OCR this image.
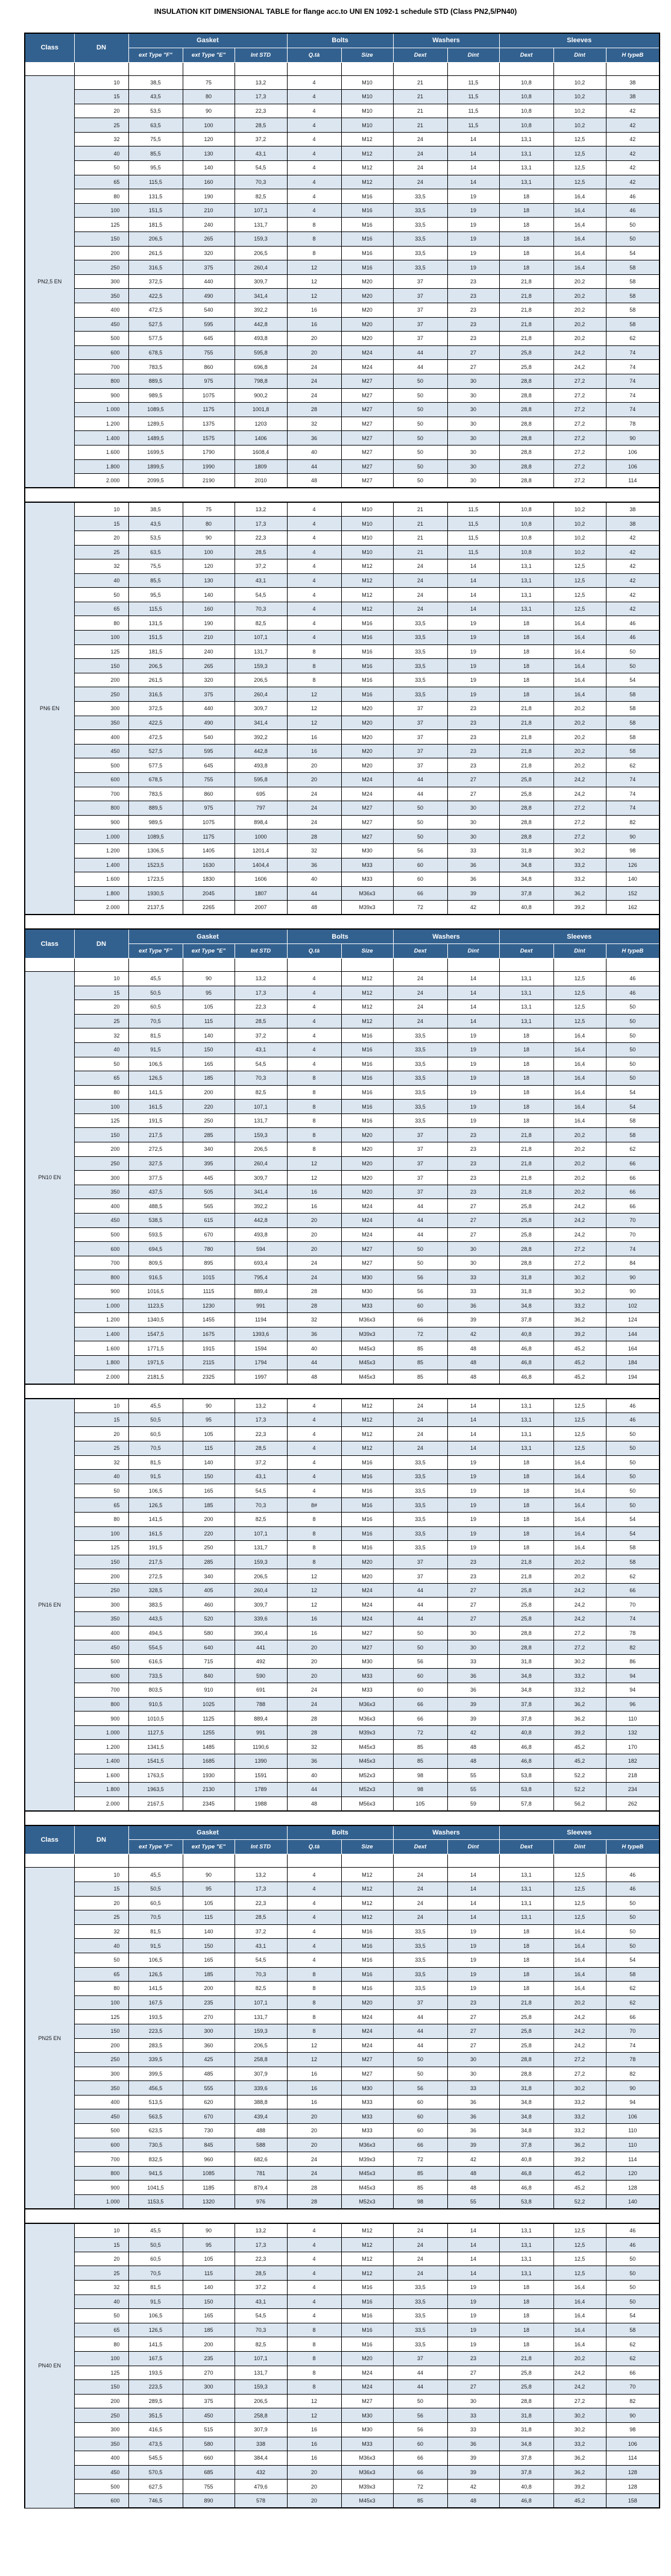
INSULATION KIT DIMENSIONAL TABLE for flange acc.to UNI EN 1092-1 schedule STD (Class PN2,5/PN40)
Class	DN	Gasket			Bolts		Washers		Sleeves		
		ext Type "F"	ext Type "E"	Int STD	Q.tà	Size	Dext	Dint	Dext	Dint	H typeB

PN2,5 EN	10	38,5	75	13,2	4	M10	21	11,5	10,8	10,2	38
	15	43,5	80	17,3	4	M10	21	11,5	10,8	10,2	38
	20	53,5	90	22,3	4	M10	21	11,5	10,8	10,2	42
	25	63,5	100	28,5	4	M10	21	11,5	10,8	10,2	42
	32	75,5	120	37,2	4	M12	24	14	13,1	12,5	42
	40	85,5	130	43,1	4	M12	24	14	13,1	12,5	42
	50	95,5	140	54,5	4	M12	24	14	13,1	12,5	42
	65	115,5	160	70,3	4	M12	24	14	13,1	12,5	42
	80	131,5	190	82,5	4	M16	33,5	19	18	16,4	46
	100	151,5	210	107,1	4	M16	33,5	19	18	16,4	46
	125	181,5	240	131,7	8	M16	33,5	19	18	16,4	50
	150	206,5	265	159,3	8	M16	33,5	19	18	16,4	50
	200	261,5	320	206,5	8	M16	33,5	19	18	16,4	54
	250	316,5	375	260,4	12	M16	33,5	19	18	16,4	58
	300	372,5	440	309,7	12	M20	37	23	21,8	20,2	58
	350	422,5	490	341,4	12	M20	37	23	21,8	20,2	58
	400	472,5	540	392,2	16	M20	37	23	21,8	20,2	58
	450	527,5	595	442,8	16	M20	37	23	21,8	20,2	58
	500	577,5	645	493,8	20	M20	37	23	21,8	20,2	62
	600	678,5	755	595,8	20	M24	44	27	25,8	24,2	74
	700	783,5	860	696,8	24	M24	44	27	25,8	24,2	74
	800	889,5	975	798,8	24	M27	50	30	28,8	27,2	74
	900	989,5	1075	900,2	24	M27	50	30	28,8	27,2	74
	1.000	1089,5	1175	1001,8	28	M27	50	30	28,8	27,2	74
	1.200	1289,5	1375	1203	32	M27	50	30	28,8	27,2	78
	1.400	1489,5	1575	1406	36	M27	50	30	28,8	27,2	90
	1.600	1699,5	1790	1608,4	40	M27	50	30	28,8	27,2	106
	1.800	1899,5	1990	1809	44	M27	50	30	28,8	27,2	106
	2.000	2099,5	2190	2010	48	M27	50	30	28,8	27,2	114

PN6 EN	10	38,5	75	13,2	4	M10	21	11,5	10,8	10,2	38
	15	43,5	80	17,3	4	M10	21	11,5	10,8	10,2	38
	20	53,5	90	22,3	4	M10	21	11,5	10,8	10,2	42
	25	63,5	100	28,5	4	M10	21	11,5	10,8	10,2	42
	32	75,5	120	37,2	4	M12	24	14	13,1	12,5	42
	40	85,5	130	43,1	4	M12	24	14	13,1	12,5	42
	50	95,5	140	54,5	4	M12	24	14	13,1	12,5	42
	65	115,5	160	70,3	4	M12	24	14	13,1	12,5	42
	80	131,5	190	82,5	4	M16	33,5	19	18	16,4	46
	100	151,5	210	107,1	4	M16	33,5	19	18	16,4	46
	125	181,5	240	131,7	8	M16	33,5	19	18	16,4	50
	150	206,5	265	159,3	8	M16	33,5	19	18	16,4	50
	200	261,5	320	206,5	8	M16	33,5	19	18	16,4	54
	250	316,5	375	260,4	12	M16	33,5	19	18	16,4	58
	300	372,5	440	309,7	12	M20	37	23	21,8	20,2	58
	350	422,5	490	341,4	12	M20	37	23	21,8	20,2	58
	400	472,5	540	392,2	16	M20	37	23	21,8	20,2	58
	450	527,5	595	442,8	16	M20	37	23	21,8	20,2	58
	500	577,5	645	493,8	20	M20	37	23	21,8	20,2	62
	600	678,5	755	595,8	20	M24	44	27	25,8	24,2	74
	700	783,5	860	695	24	M24	44	27	25,8	24,2	74
	800	889,5	975	797	24	M27	50	30	28,8	27,2	74
	900	989,5	1075	898,4	24	M27	50	30	28,8	27,2	82
	1.000	1089,5	1175	1000	28	M27	50	30	28,8	27,2	90
	1.200	1306,5	1405	1201,4	32	M30	56	33	31,8	30,2	98
	1.400	1523,5	1630	1404,4	36	M33	60	36	34,8	33,2	126
	1.600	1723,5	1830	1606	40	M33	60	36	34,8	33,2	140
	1.800	1930,5	2045	1807	44	M36x3	66	39	37,8	36,2	152
	2.000	2137,5	2265	2007	48	M39x3	72	42	40,8	39,2	162

Class	DN	Gasket			Bolts		Washers		Sleeves		
		ext Type "F"	ext Type "E"	Int STD	Q.tà	Size	Dext	Dint	Dext	Dint	H typeB

PN10 EN	10	45,5	90	13,2	4	M12	24	14	13,1	12,5	46
	15	50,5	95	17,3	4	M12	24	14	13,1	12,5	46
	20	60,5	105	22,3	4	M12	24	14	13,1	12,5	50
	25	70,5	115	28,5	4	M12	24	14	13,1	12,5	50
	32	81,5	140	37,2	4	M16	33,5	19	18	16,4	50
	40	91,5	150	43,1	4	M16	33,5	19	18	16,4	50
	50	106,5	165	54,5	4	M16	33,5	19	18	16,4	50
	65	126,5	185	70,3	8	M16	33,5	19	18	16,4	50
	80	141,5	200	82,5	8	M16	33,5	19	18	16,4	54
	100	161,5	220	107,1	8	M16	33,5	19	18	16,4	54
	125	191,5	250	131,7	8	M16	33,5	19	18	16,4	58
	150	217,5	285	159,3	8	M20	37	23	21,8	20,2	58
	200	272,5	340	206,5	8	M20	37	23	21,8	20,2	62
	250	327,5	395	260,4	12	M20	37	23	21,8	20,2	66
	300	377,5	445	309,7	12	M20	37	23	21,8	20,2	66
	350	437,5	505	341,4	16	M20	37	23	21,8	20,2	66
	400	488,5	565	392,2	16	M24	44	27	25,8	24,2	66
	450	538,5	615	442,8	20	M24	44	27	25,8	24,2	70
	500	593,5	670	493,8	20	M24	44	27	25,8	24,2	70
	600	694,5	780	594	20	M27	50	30	28,8	27,2	74
	700	809,5	895	693,4	24	M27	50	30	28,8	27,2	84
	800	916,5	1015	795,4	24	M30	56	33	31,8	30,2	90
	900	1016,5	1115	889,4	28	M30	56	33	31,8	30,2	90
	1.000	1123,5	1230	991	28	M33	60	36	34,8	33,2	102
	1.200	1340,5	1455	1194	32	M36x3	66	39	37,8	36,2	124
	1.400	1547,5	1675	1393,6	36	M39x3	72	42	40,8	39,2	144
	1.600	1771,5	1915	1594	40	M45x3	85	48	46,8	45,2	164
	1.800	1971,5	2115	1794	44	M45x3	85	48	46,8	45,2	184
	2.000	2181,5	2325	1997	48	M45x3	85	48	46,8	45,2	194

PN16 EN	10	45,5	90	13,2	4	M12	24	14	13,1	12,5	46
	15	50,5	95	17,3	4	M12	24	14	13,1	12,5	46
	20	60,5	105	22,3	4	M12	24	14	13,1	12,5	50
	25	70,5	115	28,5	4	M12	24	14	13,1	12,5	50
	32	81,5	140	37,2	4	M16	33,5	19	18	16,4	50
	40	91,5	150	43,1	4	M16	33,5	19	18	16,4	50
	50	106,5	165	54,5	4	M16	33,5	19	18	16,4	50
	65	126,5	185	70,3	8#	M16	33,5	19	18	16,4	50
	80	141,5	200	82,5	8	M16	33,5	19	18	16,4	54
	100	161,5	220	107,1	8	M16	33,5	19	18	16,4	54
	125	191,5	250	131,7	8	M16	33,5	19	18	16,4	58
	150	217,5	285	159,3	8	M20	37	23	21,8	20,2	58
	200	272,5	340	206,5	12	M20	37	23	21,8	20,2	62
	250	328,5	405	260,4	12	M24	44	27	25,8	24,2	66
	300	383,5	460	309,7	12	M24	44	27	25,8	24,2	70
	350	443,5	520	339,6	16	M24	44	27	25,8	24,2	74
	400	494,5	580	390,4	16	M27	50	30	28,8	27,2	78
	450	554,5	640	441	20	M27	50	30	28,8	27,2	82
	500	616,5	715	492	20	M30	56	33	31,8	30,2	86
	600	733,5	840	590	20	M33	60	36	34,8	33,2	94
	700	803,5	910	691	24	M33	60	36	34,8	33,2	94
	800	910,5	1025	788	24	M36x3	66	39	37,8	36,2	96
	900	1010,5	1125	889,4	28	M36x3	66	39	37,8	36,2	110
	1.000	1127,5	1255	991	28	M39x3	72	42	40,8	39,2	132
	1.200	1341,5	1485	1190,6	32	M45x3	85	48	46,8	45,2	170
	1.400	1541,5	1685	1390	36	M45x3	85	48	46,8	45,2	182
	1.600	1763,5	1930	1591	40	M52x3	98	55	53,8	52,2	218
	1.800	1963,5	2130	1789	44	M52x3	98	55	53,8	52,2	234
	2.000	2167,5	2345	1988	48	M56x3	105	59	57,8	56,2	262

Class	DN	Gasket			Bolts		Washers		Sleeves		
		ext Type "F"	ext Type "E"	Int STD	Q.tà	Size	Dext	Dint	Dext	Dint	H typeB

PN25 EN	10	45,5	90	13,2	4	M12	24	14	13,1	12,5	46
	15	50,5	95	17,3	4	M12	24	14	13,1	12,5	46
	20	60,5	105	22,3	4	M12	24	14	13,1	12,5	50
	25	70,5	115	28,5	4	M12	24	14	13,1	12,5	50
	32	81,5	140	37,2	4	M16	33,5	19	18	16,4	50
	40	91,5	150	43,1	4	M16	33,5	19	18	16,4	50
	50	106,5	165	54,5	4	M16	33,5	19	18	16,4	54
	65	126,5	185	70,3	8	M16	33,5	19	18	16,4	58
	80	141,5	200	82,5	8	M16	33,5	19	18	16,4	62
	100	167,5	235	107,1	8	M20	37	23	21,8	20,2	62
	125	193,5	270	131,7	8	M24	44	27	25,8	24,2	66
	150	223,5	300	159,3	8	M24	44	27	25,8	24,2	70
	200	283,5	360	206,5	12	M24	44	27	25,8	24,2	74
	250	339,5	425	258,8	12	M27	50	30	28,8	27,2	78
	300	399,5	485	307,9	16	M27	50	30	28,8	27,2	82
	350	456,5	555	339,6	16	M30	56	33	31,8	30,2	90
	400	513,5	620	388,8	16	M33	60	36	34,8	33,2	94
	450	563,5	670	439,4	20	M33	60	36	34,8	33,2	106
	500	623,5	730	488	20	M33	60	36	34,8	33,2	110
	600	730,5	845	588	20	M36x3	66	39	37,8	36,2	110
	700	832,5	960	682,6	24	M39x3	72	42	40,8	39,2	114
	800	941,5	1085	781	24	M45x3	85	48	46,8	45,2	120
	900	1041,5	1185	879,4	28	M45x3	85	48	46,8	45,2	128
	1.000	1153,5	1320	976	28	M52x3	98	55	53,8	52,2	140

PN40 EN	10	45,5	90	13,2	4	M12	24	14	13,1	12,5	46
	15	50,5	95	17,3	4	M12	24	14	13,1	12,5	46
	20	60,5	105	22,3	4	M12	24	14	13,1	12,5	50
	25	70,5	115	28,5	4	M12	24	14	13,1	12,5	50
	32	81,5	140	37,2	4	M16	33,5	19	18	16,4	50
	40	91,5	150	43,1	4	M16	33,5	19	18	16,4	50
	50	106,5	165	54,5	4	M16	33,5	19	18	16,4	54
	65	126,5	185	70,3	8	M16	33,5	19	18	16,4	58
	80	141,5	200	82,5	8	M16	33,5	19	18	16,4	62
	100	167,5	235	107,1	8	M20	37	23	21,8	20,2	62
	125	193,5	270	131,7	8	M24	44	27	25,8	24,2	66
	150	223,5	300	159,3	8	M24	44	27	25,8	24,2	70
	200	289,5	375	206,5	12	M27	50	30	28,8	27,2	82
	250	351,5	450	258,8	12	M30	56	33	31,8	30,2	90
	300	416,5	515	307,9	16	M30	56	33	31,8	30,2	98
	350	473,5	580	338	16	M33	60	36	34,8	33,2	106
	400	545,5	660	384,4	16	M36x3	66	39	37,8	36,2	114
	450	570,5	685	432	20	M36x3	66	39	37,8	36,2	128
	500	627,5	755	479,6	20	M39x3	72	42	40,8	39,2	128
	600	746,5	890	578	20	M45x3	85	48	46,8	45,2	158
